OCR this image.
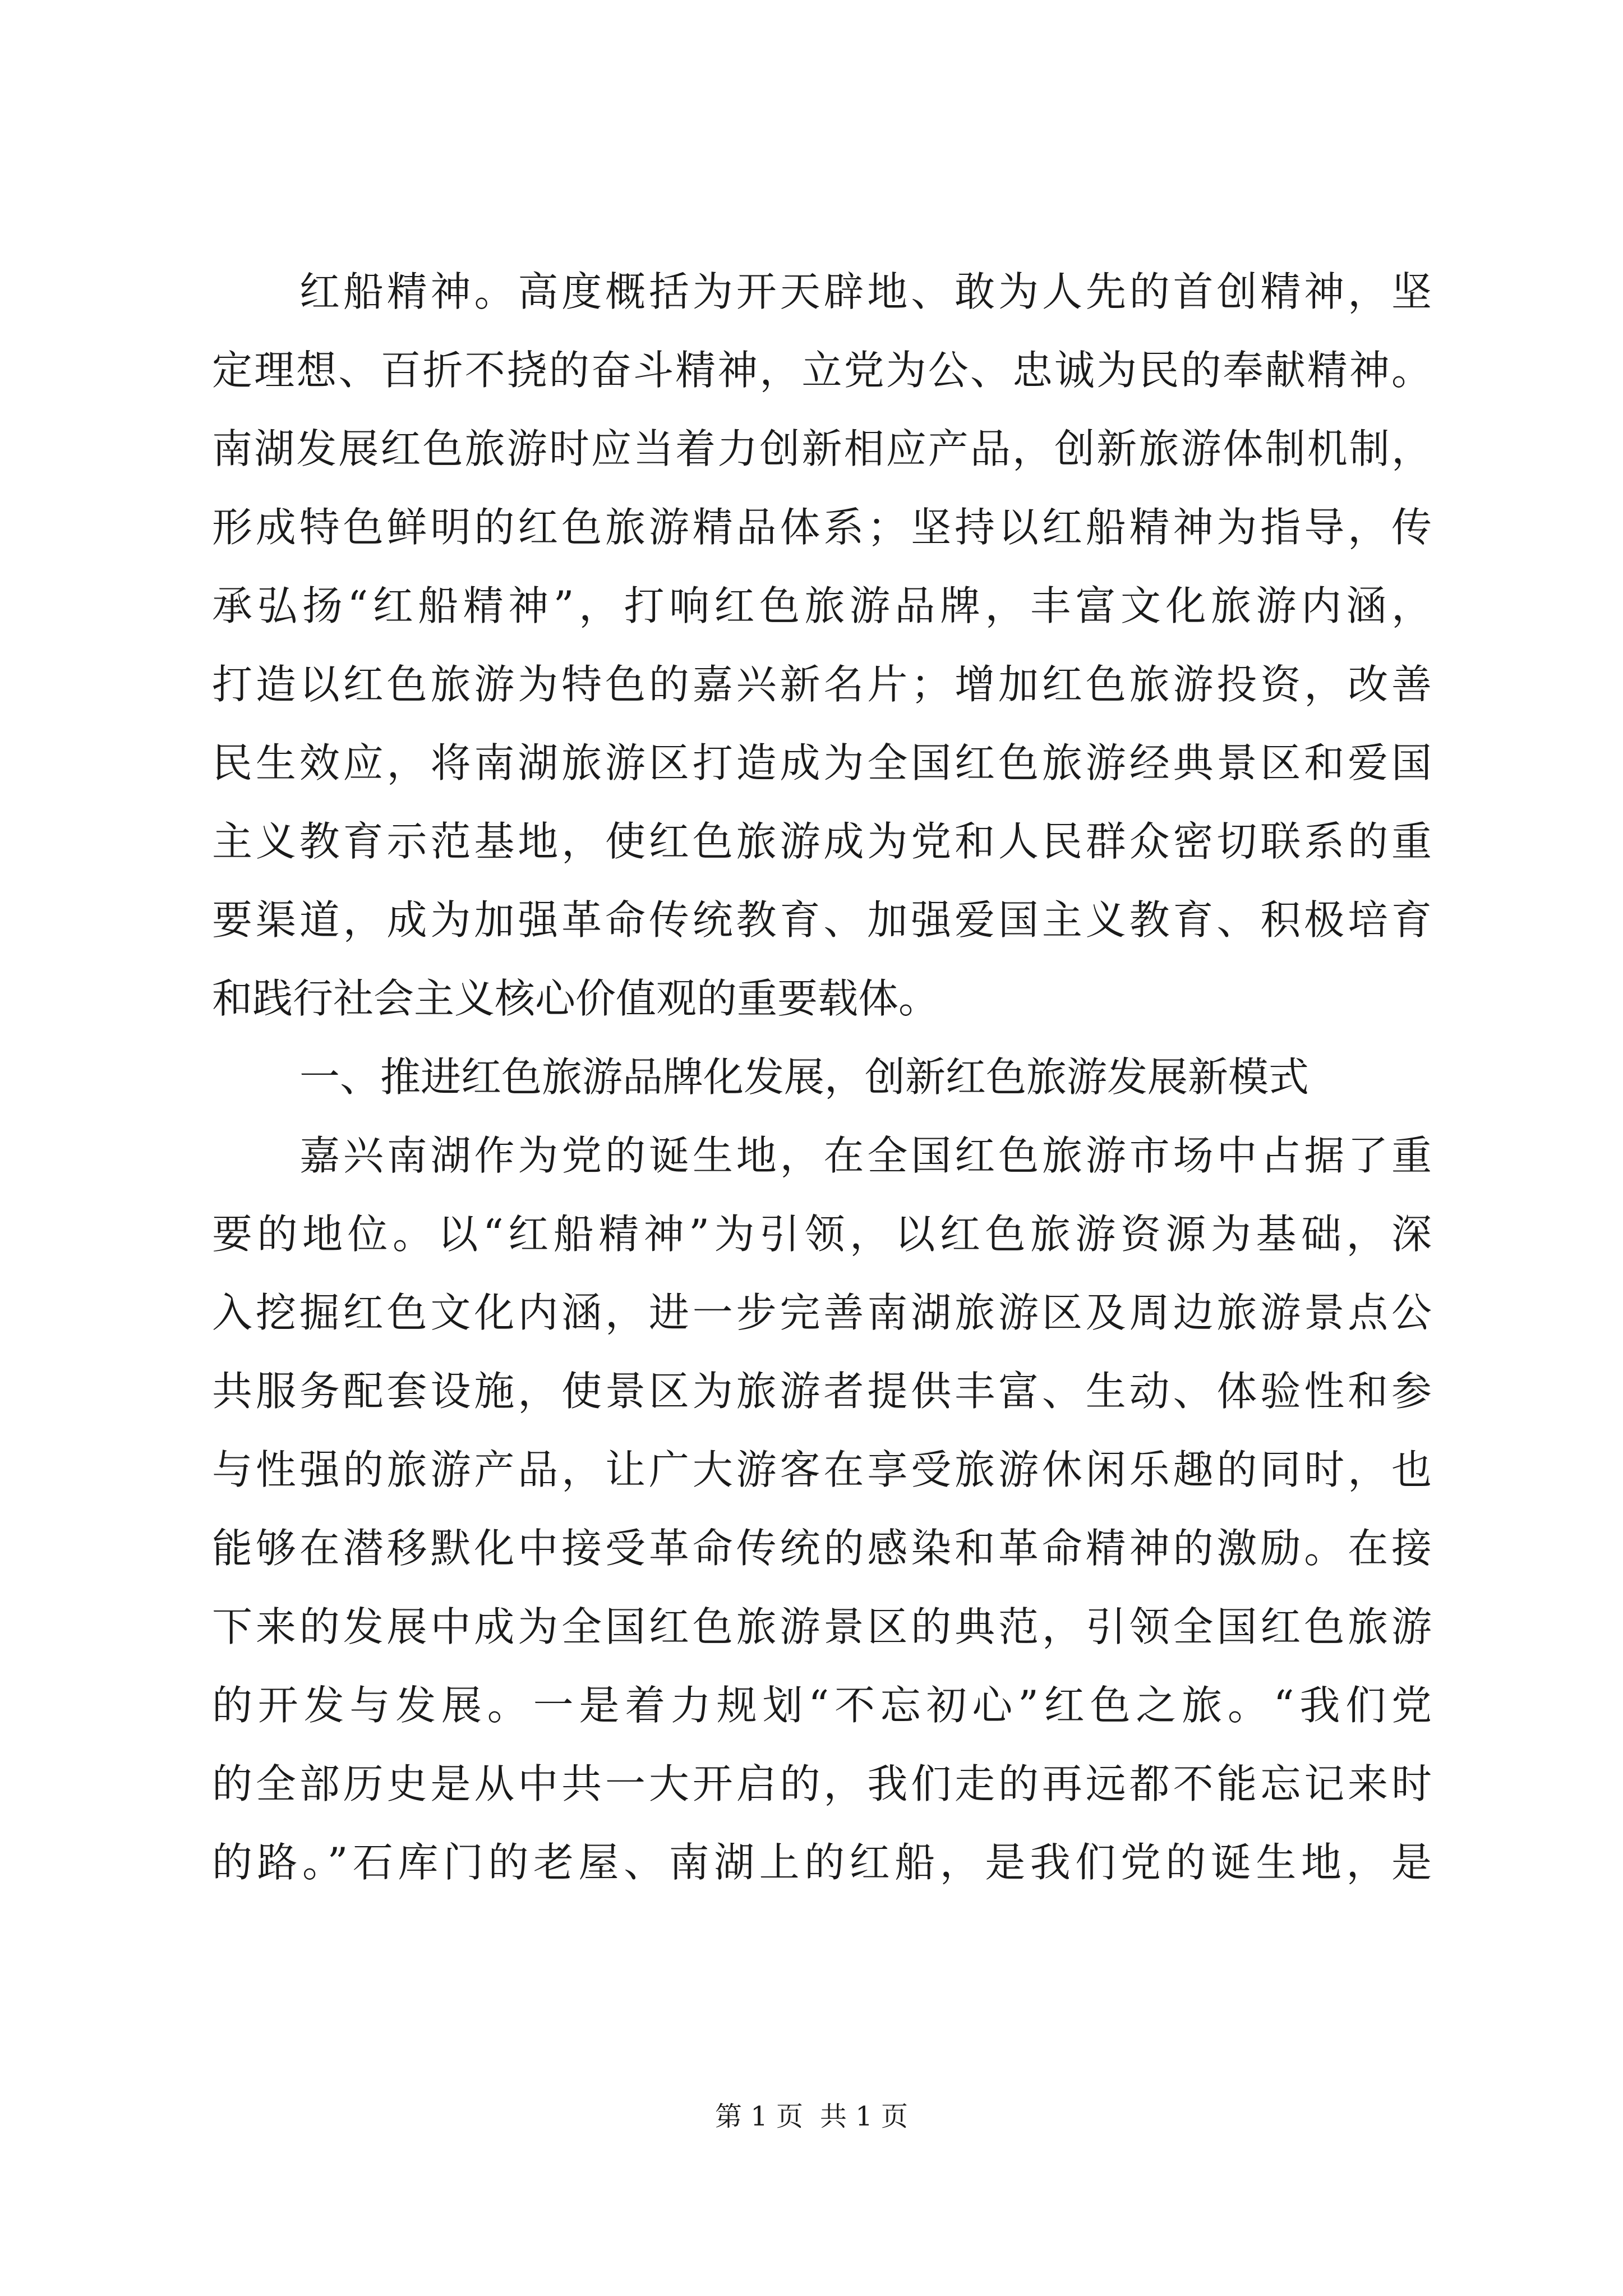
红船精神。高度概括为开天辟地、敢为人先的首创精神，坚
定理想、百折不挠的奋斗精神，立党为公、忠诚为民的奉献精神。
南湖发展红色旅游时应当着力创新相应产品，创新旅游体制机制，
形成特色鲜明的红色旅游精品体系；坚持以红船精神为指导，传
承弘扬“红船精神”，打响红色旅游品牌，丰富文化旅游内涵，
打造以红色旅游为特色的嘉兴新名片；增加红色旅游投资，改善
民生效应，将南湖旅游区打造成为全国红色旅游经典景区和爱国
主义教育示范基地，使红色旅游成为党和人民群众密切联系的重
要渠道，成为加强革命传统教育、加强爱国主义教育、积极培育
和践行社会主义核心价值观的重要载体。
一、推进红色旅游品牌化发展，创新红色旅游发展新模式
嘉兴南湖作为党的诞生地，在全国红色旅游市场中占据了重
要的地位。以“红船精神”为引领，以红色旅游资源为基础，深
入挖掘红色文化内涵，进一步完善南湖旅游区及周边旅游景点公
共服务配套设施，使景区为旅游者提供丰富、生动、体验性和参
与性强的旅游产品，让广大游客在享受旅游休闲乐趣的同时，也
能够在潜移默化中接受革命传统的感染和革命精神的激励。在接
下来的发展中成为全国红色旅游景区的典范，引领全国红色旅游
的开发与发展。一是着力规划“不忘初心”红色之旅。“我们党
的全部历史是从中共一大开启的，我们走的再远都不能忘记来时
的路。”石库门的老屋、南湖上的红船，是我们党的诞生地，是
第 1 页 共 1 页
